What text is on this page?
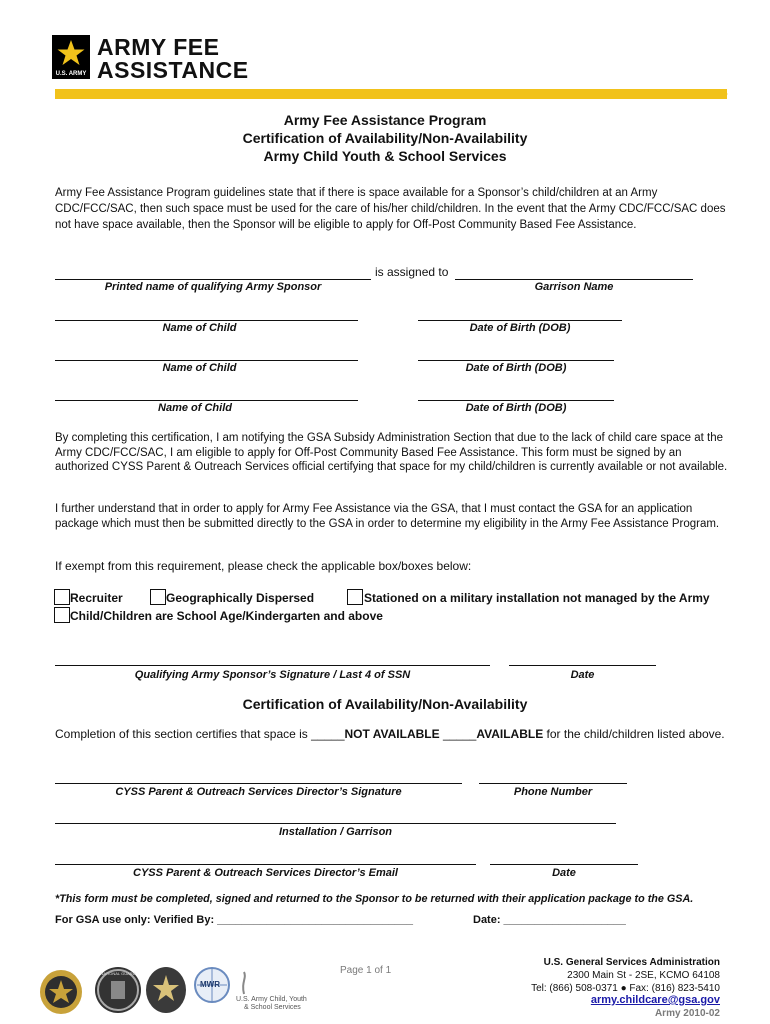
U.S. ARMY
ARMY FEE
ASSISTANCE
Army Fee Assistance Program
Certification of Availability/Non-Availability
Army Child Youth & School Services
Army Fee Assistance Program guidelines state that if there is space available for a Sponsor’s child/children at an Army CDC/FCC/SAC, then such space must be used for the care of his/her child/children. In the event that the Army CDC/FCC/SAC does not have space available, then the Sponsor will be eligible to apply for Off-Post Community Based Fee Assistance.
is assigned to
Printed name of qualifying Army Sponsor	Garrison Name
Name of Child	Date of Birth (DOB)
Name of Child	Date of Birth (DOB)
Name of Child	Date of Birth (DOB)
By completing this certification, I am notifying the GSA Subsidy Administration Section that due to the lack of child care space at the Army CDC/FCC/SAC, I am eligible to apply for Off-Post Community Based Fee Assistance. This form must be signed by an authorized CYSS Parent & Outreach Services official certifying that space for my child/children is currently available or not available.
I further understand that in order to apply for Army Fee Assistance via the GSA, that I must contact the GSA for an application package which must then be submitted directly to the GSA in order to determine my eligibility in the Army Fee Assistance Program.
If exempt from this requirement, please check the applicable box/boxes below:
Recruiter	Geographically Dispersed	Stationed on a military installation not managed by the Army
Child/Children are School Age/Kindergarten and above
Qualifying Army Sponsor’s Signature / Last 4 of SSN	Date
Certification of Availability/Non-Availability
Completion of this section certifies that space is _____NOT AVAILABLE _____AVAILABLE for the child/children listed above.
CYSS Parent & Outreach Services Director’s Signature	Phone Number
Installation / Garrison
CYSS Parent & Outreach Services Director’s Email	Date
*This form must be completed, signed and returned to the Sponsor to be returned with their application package to the GSA.
For GSA use only: Verified By: ________________________________	Date: ____________________
NATIONAL GUARD
MWR
U.S. Army Child, Youth
& School Services
Page 1 of 1
U.S. General Services Administration
2300 Main St - 2SE, KCMO 64108
Tel: (866) 508-0371 ● Fax: (816) 823-5410
army.childcare@gsa.gov
Army 2010-02
